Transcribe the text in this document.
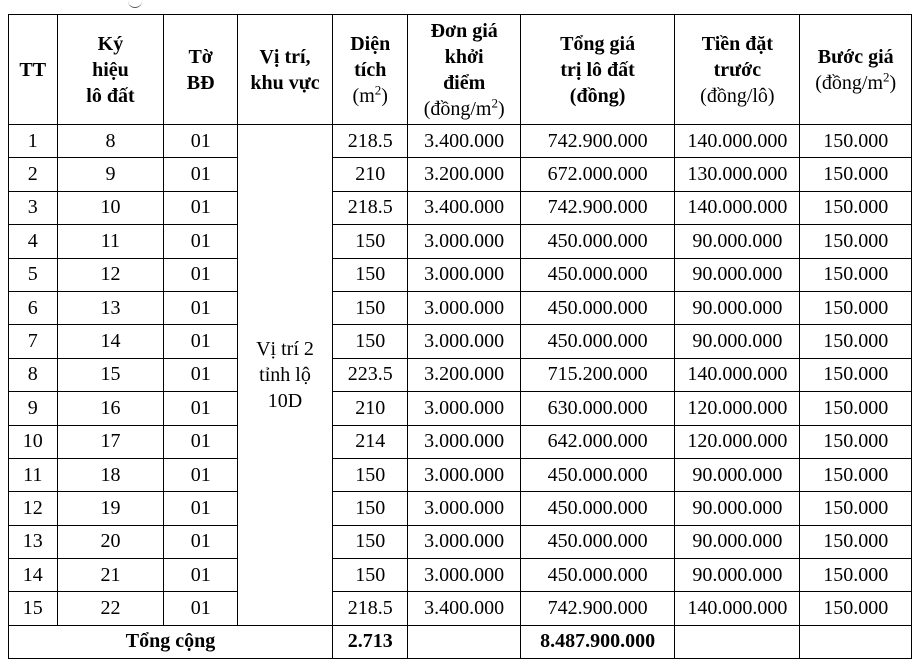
TT	Ký
hiệu
lô đất	Tờ
BĐ	Vị trí,
khu vực	Diện
tích
$(m^2)$	Đơn giá
khởi
điểm
$(đồng/m^2)$	Tổng giá
trị lô đất
(đồng)	Tiền đặt
trước
(đồng/lô)	Bước giá
$(đồng/m^2)$
1	8	01	Vị trí 2
tỉnh lộ
10D	218.5	3.400.000	742.900.000	140.000.000	150.000
2	9	01		210	3.200.000	672.000.000	130.000.000	150.000
3	10	01		218.5	3.400.000	742.900.000	140.000.000	150.000
4	11	01		150	3.000.000	450.000.000	90.000.000	150.000
5	12	01		150	3.000.000	450.000.000	90.000.000	150.000
6	13	01		150	3.000.000	450.000.000	90.000.000	150.000
7	14	01		150	3.000.000	450.000.000	90.000.000	150.000
8	15	01		223.5	3.200.000	715.200.000	140.000.000	150.000
9	16	01		210	3.000.000	630.000.000	120.000.000	150.000
10	17	01		214	3.000.000	642.000.000	120.000.000	150.000
11	18	01		150	3.000.000	450.000.000	90.000.000	150.000
12	19	01		150	3.000.000	450.000.000	90.000.000	150.000
13	20	01		150	3.000.000	450.000.000	90.000.000	150.000
14	21	01		150	3.000.000	450.000.000	90.000.000	150.000
15	22	01		218.5	3.400.000	742.900.000	140.000.000	150.000
Tổng cộng				2.713		8.487.900.000		
